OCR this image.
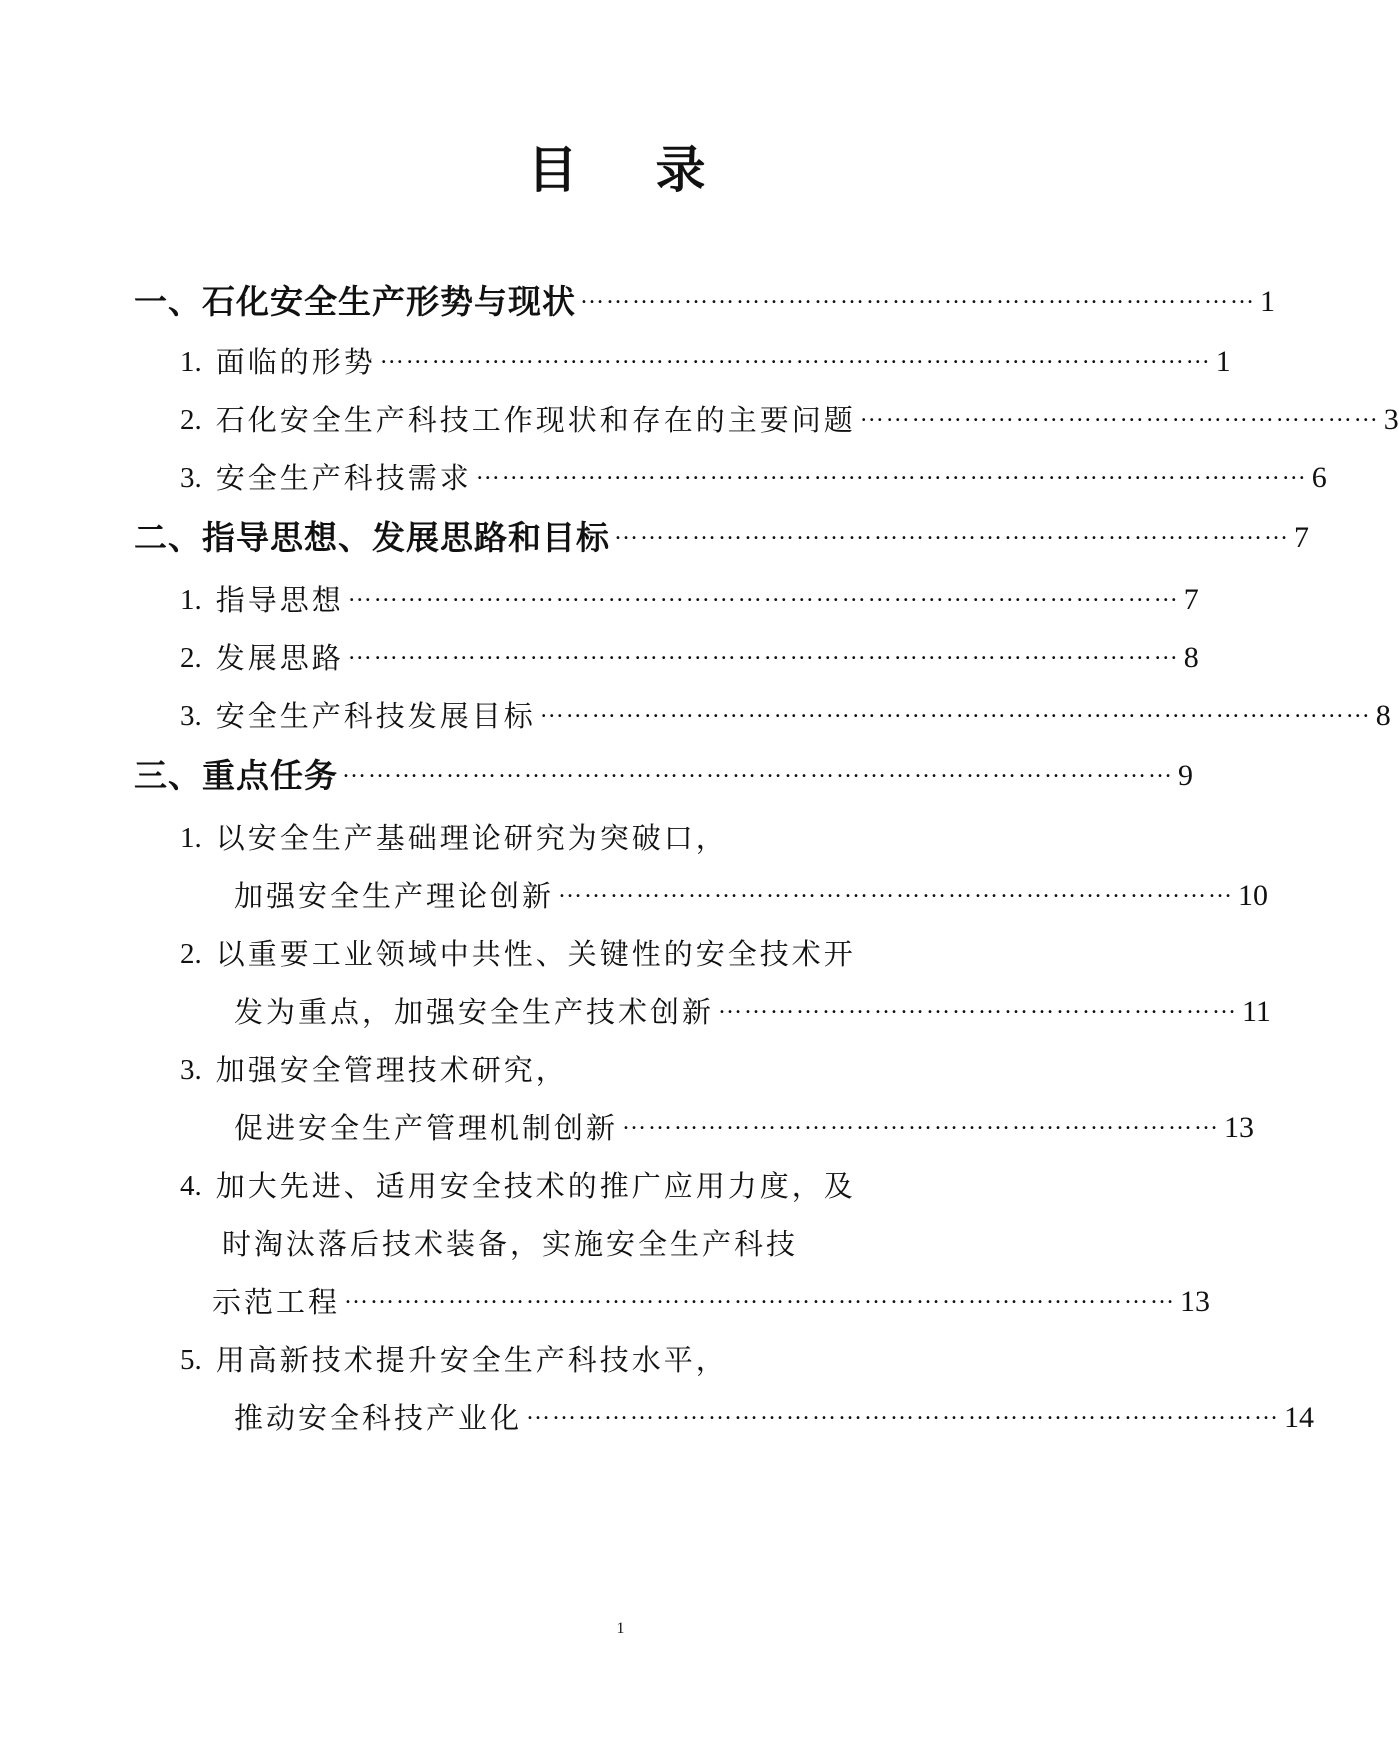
目 录
一、石化安全生产形势与现状 …………………………………………………………………… 1
1. 面临的形势 …………………………………………………………………………………… 1
2. 石化安全生产科技工作现状和存在的主要问题 …………………………………………………… 3
3. 安全生产科技需求 …………………………………………………………………………………… 6
二、指导思想、发展思路和目标 …………………………………………………………………… 7
1. 指导思想 …………………………………………………………………………………… 7
2. 发展思路 …………………………………………………………………………………… 8
3. 安全生产科技发展目标 …………………………………………………………………………………… 8
三、重点任务 …………………………………………………………………………………… 9
1. 以安全生产基础理论研究为突破口，
加强安全生产理论创新 …………………………………………………………………… 10
2. 以重要工业领域中共性、关键性的安全技术开
发为重点，加强安全生产技术创新 …………………………………………………… 11
3. 加强安全管理技术研究，
促进安全生产管理机制创新 …………………………………………………………… 13
4. 加大先进、适用安全技术的推广应用力度，及
时淘汰落后技术装备，实施安全生产科技
示范工程 …………………………………………………………………………………… 13
5. 用高新技术提升安全生产科技水平，
推动安全科技产业化 …………………………………………………………………………… 14
1
